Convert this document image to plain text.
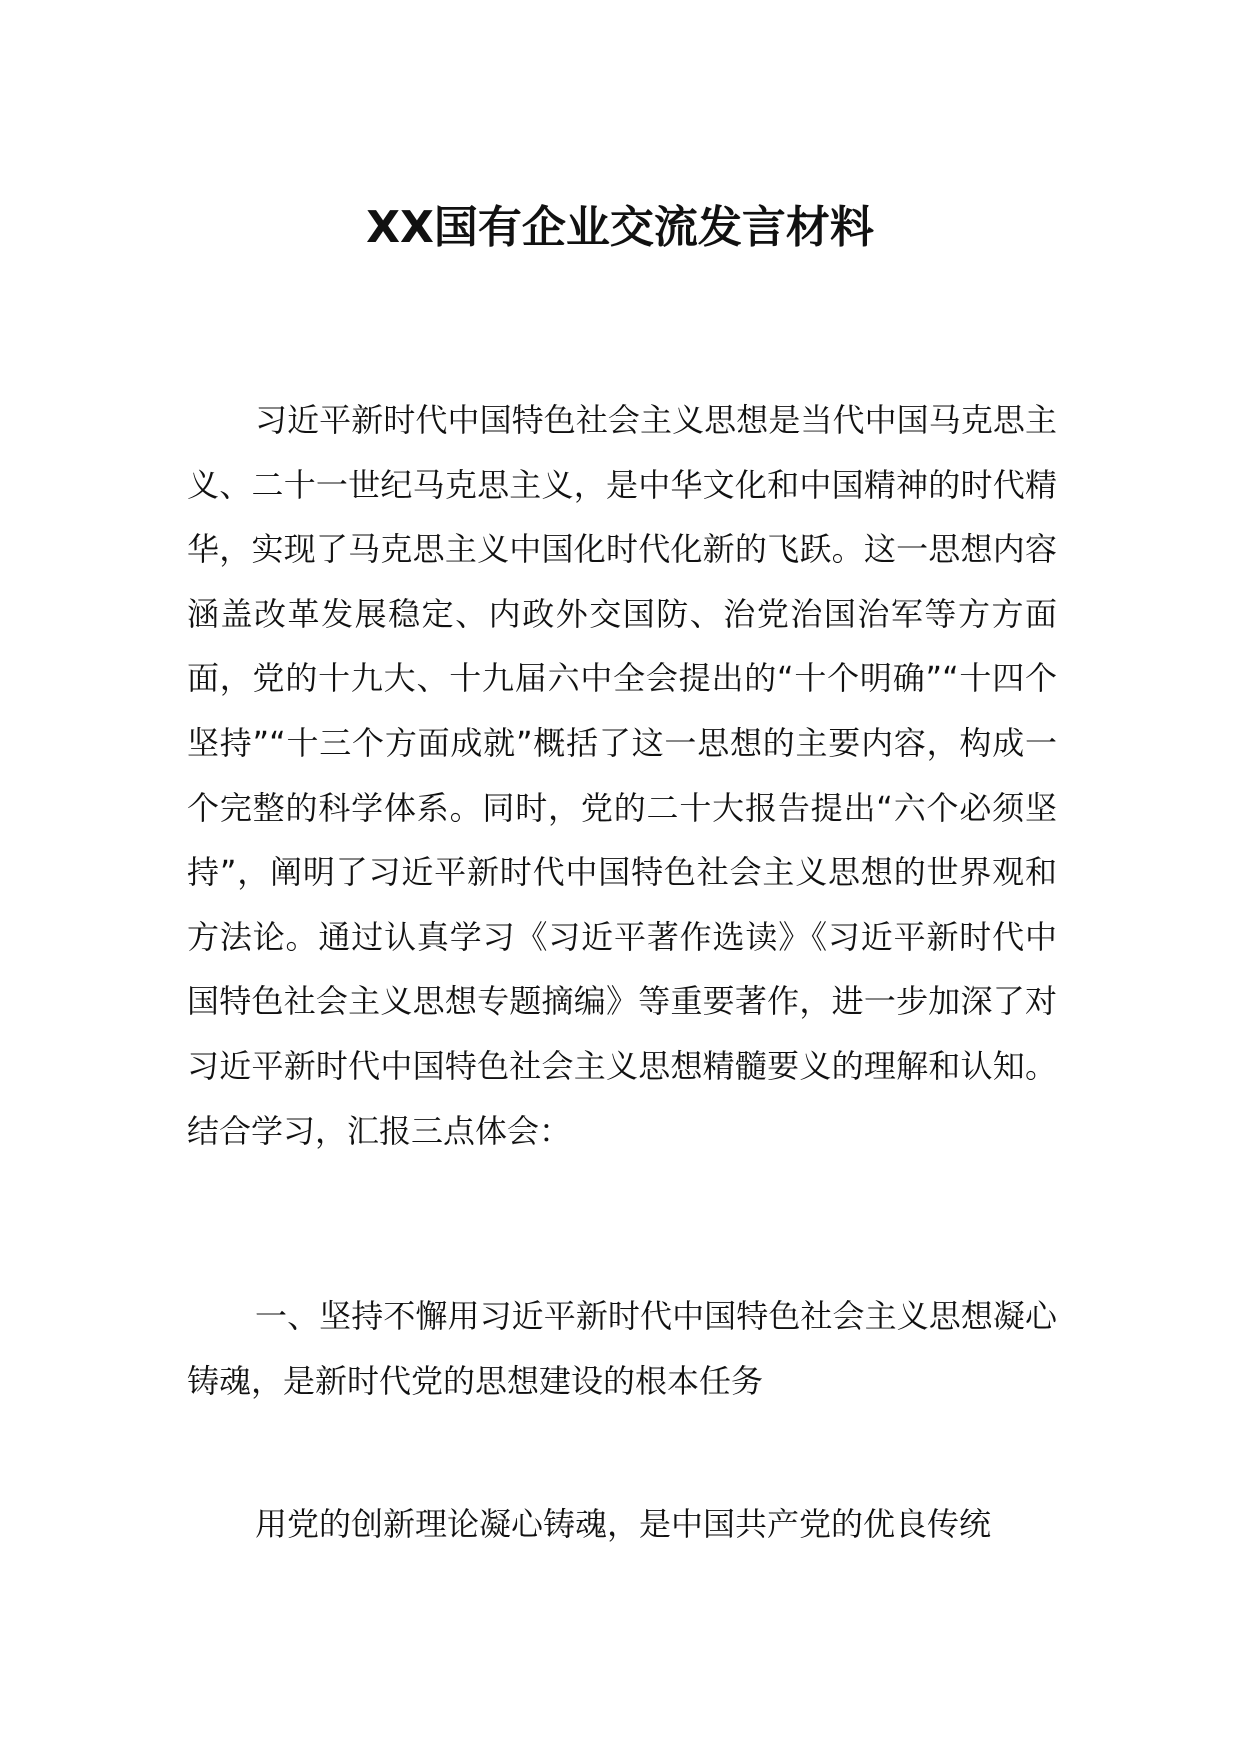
XX国有企业交流发言材料

习近平新时代中国特色社会主义思想是当代中国马克思主义、二十一世纪马克思主义，是中华文化和中国精神的时代精华，实现了马克思主义中国化时代化新的飞跃。这一思想内容涵盖改革发展稳定、内政外交国防、治党治国治军等方方面面，党的十九大、十九届六中全会提出的“十个明确”“十四个坚持”“十三个方面成就”概括了这一思想的主要内容，构成一个完整的科学体系。同时，党的二十大报告提出“六个必须坚持”，阐明了习近平新时代中国特色社会主义思想的世界观和方法论。通过认真学习《习近平著作选读》《习近平新时代中国特色社会主义思想专题摘编》等重要著作，进一步加深了对习近平新时代中国特色社会主义思想精髓要义的理解和认知。结合学习，汇报三点体会：

一、坚持不懈用习近平新时代中国特色社会主义思想凝心铸魂，是新时代党的思想建设的根本任务

用党的创新理论凝心铸魂，是中国共产党的优良传统
